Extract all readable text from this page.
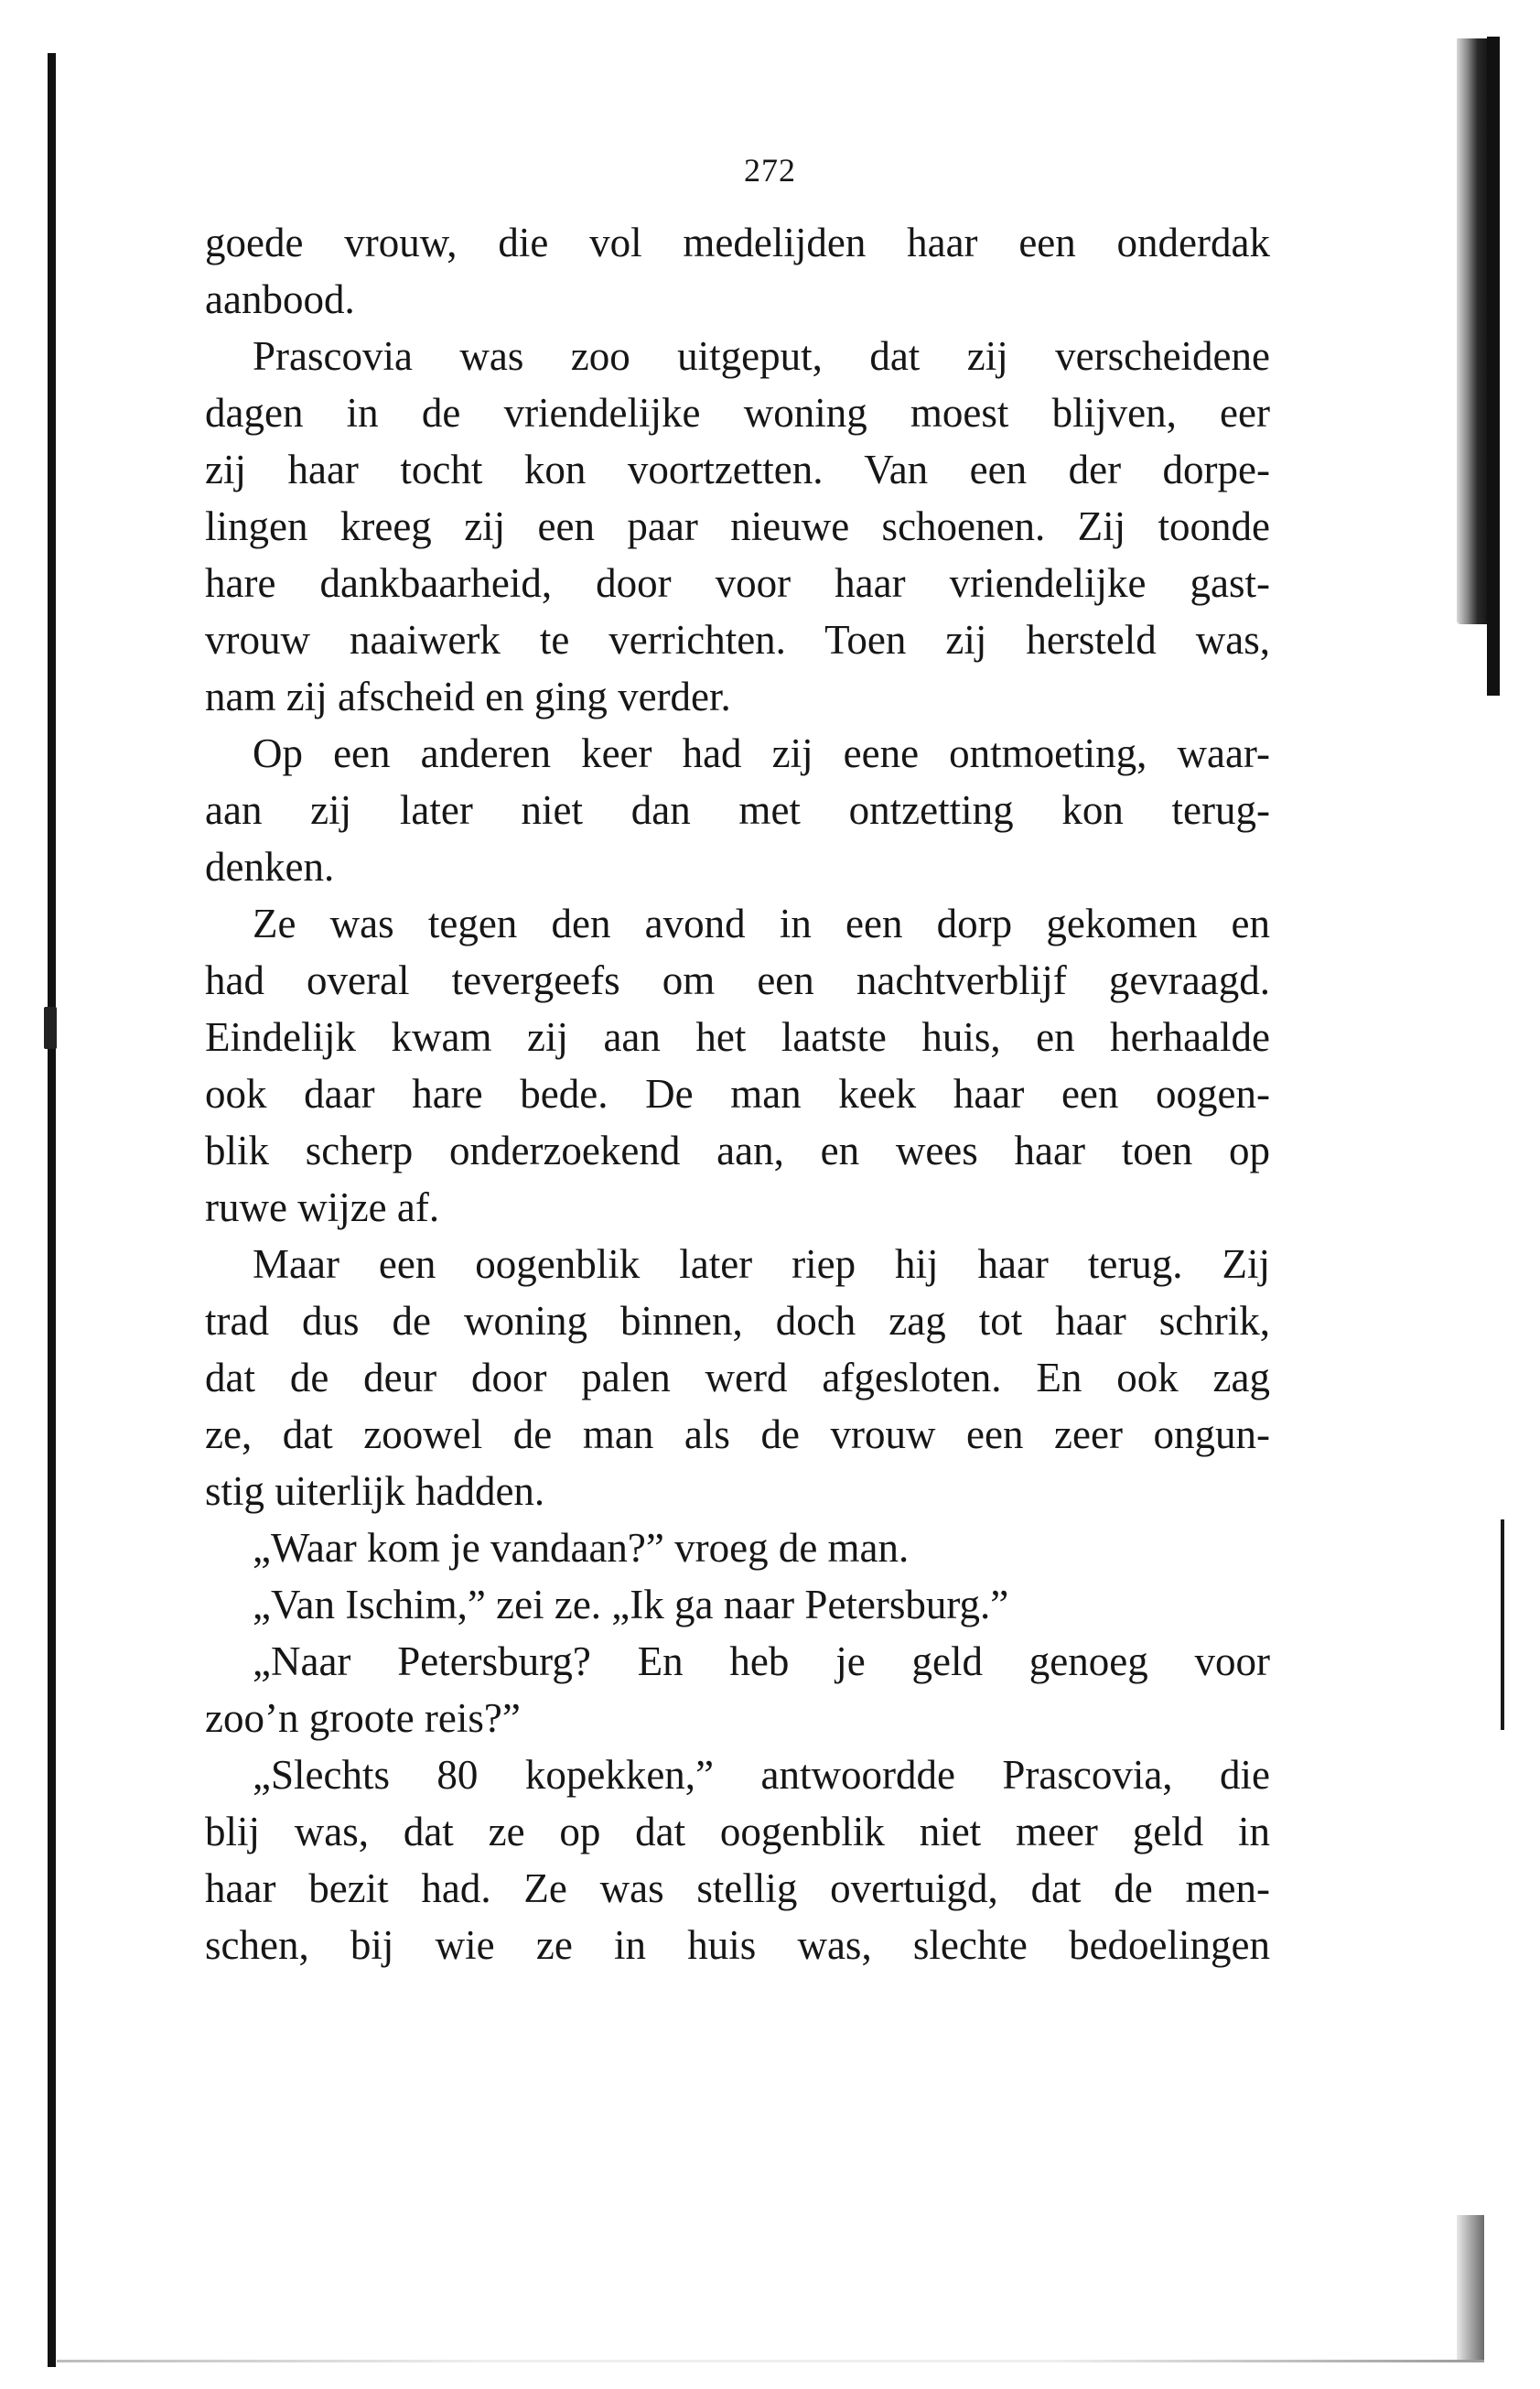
272
goede vrouw, die vol medelijden haar een onderdak
aanbood.
Prascovia was zoo uitgeput, dat zij verscheidene
dagen in de vriendelijke woning moest blijven, eer
zij haar tocht kon voortzetten. Van een der dorpe-
lingen kreeg zij een paar nieuwe schoenen. Zij toonde
hare dankbaarheid, door voor haar vriendelijke gast-
vrouw naaiwerk te verrichten. Toen zij hersteld was,
nam zij afscheid en ging verder.
Op een anderen keer had zij eene ontmoeting, waar-
aan zij later niet dan met ontzetting kon terug-
denken.
Ze was tegen den avond in een dorp gekomen en
had overal tevergeefs om een nachtverblijf gevraagd.
Eindelijk kwam zij aan het laatste huis, en herhaalde
ook daar hare bede. De man keek haar een oogen-
blik scherp onderzoekend aan, en wees haar toen op
ruwe wijze af.
Maar een oogenblik later riep hij haar terug. Zij
trad dus de woning binnen, doch zag tot haar schrik,
dat de deur door palen werd afgesloten. En ook zag
ze, dat zoowel de man als de vrouw een zeer ongun-
stig uiterlijk hadden.
„Waar kom je vandaan?” vroeg de man.
„Van Ischim,” zei ze. „Ik ga naar Petersburg.”
„Naar Petersburg? En heb je geld genoeg voor
zoo’n groote reis?”
„Slechts 80 kopekken,” antwoordde Prascovia, die
blij was, dat ze op dat oogenblik niet meer geld in
haar bezit had. Ze was stellig overtuigd, dat de men-
schen, bij wie ze in huis was, slechte bedoelingen
